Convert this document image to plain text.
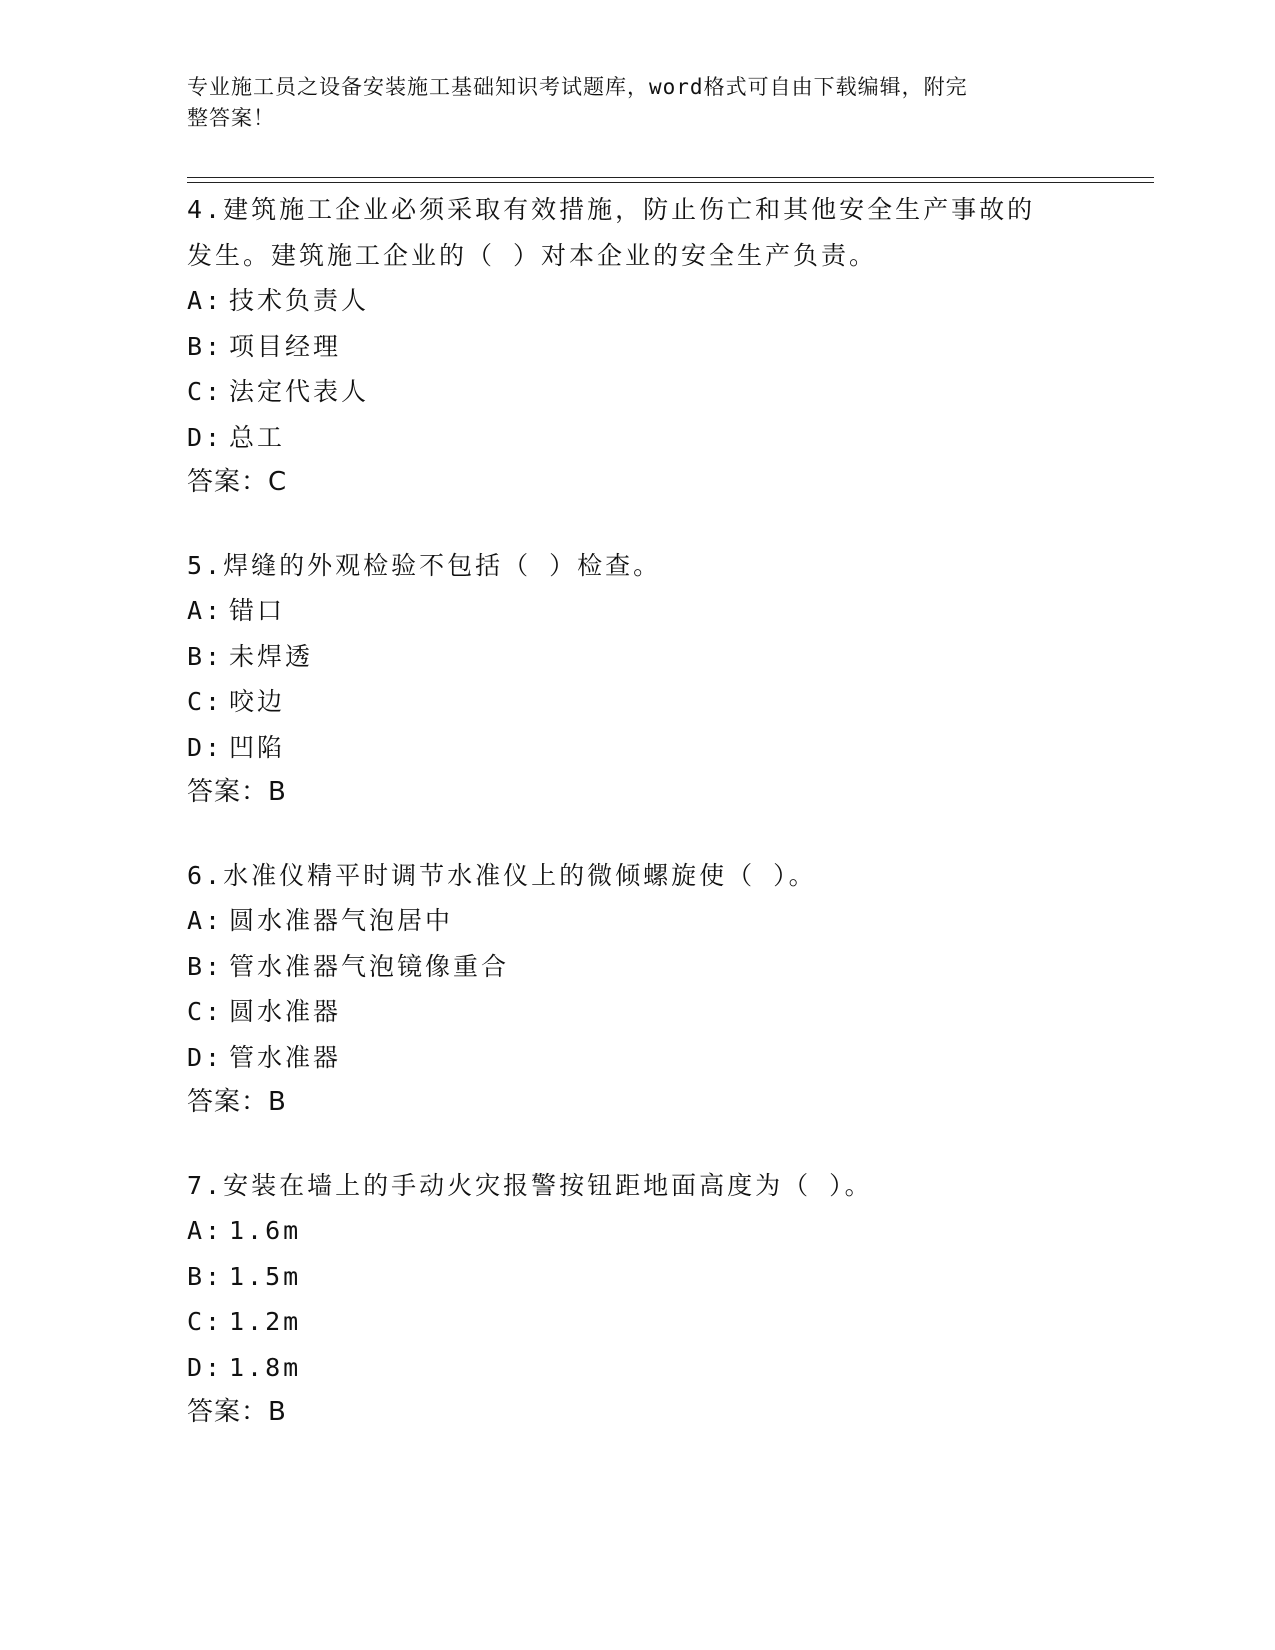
专业施工员之设备安装施工基础知识考试题库，word格式可自由下载编辑，附完
整答案！
4.建筑施工企业必须采取有效措施，防止伤亡和其他安全生产事故的
发生。建筑施工企业的（ ）对本企业的安全生产负责。
A: 技术负责人
B: 项目经理
C: 法定代表人
D: 总工
答案：C
5.焊缝的外观检验不包括（ ）检查。
A: 错口
B: 未焊透
C: 咬边
D: 凹陷
答案：B
6.水准仪精平时调节水准仪上的微倾螺旋使（ ）。
A: 圆水准器气泡居中
B: 管水准器气泡镜像重合
C: 圆水准器
D: 管水准器
答案：B
7.安装在墙上的手动火灾报警按钮距地面高度为（ ）。
A: 1.6m
B: 1.5m
C: 1.2m
D: 1.8m
答案：B
